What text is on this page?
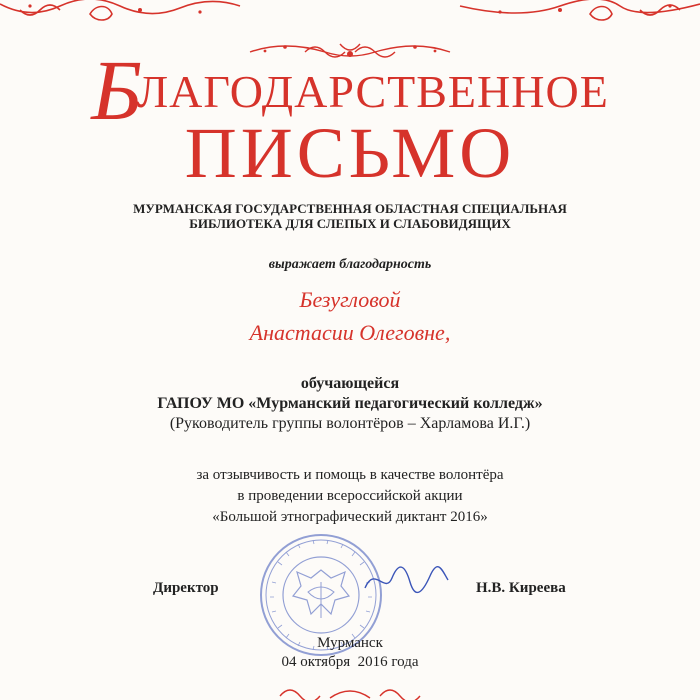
БЛАГОДАРСТВЕННОЕ
ПИСЬМО
МУРМАНСКАЯ ГОСУДАРСТВЕННАЯ ОБЛАСТНАЯ СПЕЦИАЛЬНАЯ
БИБЛИОТЕКА ДЛЯ СЛЕПЫХ И СЛАБОВИДЯЩИХ
выражает благодарность
Безугловой
Анастасии Олеговне,
обучающейся
ГАПОУ МО «Мурманский педагогический колледж»
(Руководитель группы волонтёров – Харламова И.Г.)
за отзывчивость и помощь в качестве волонтёра
в проведении всероссийской акции
«Большой этнографический диктант 2016»
Директор	Н.В. Киреева
Мурманск
04 октября  2016 года
